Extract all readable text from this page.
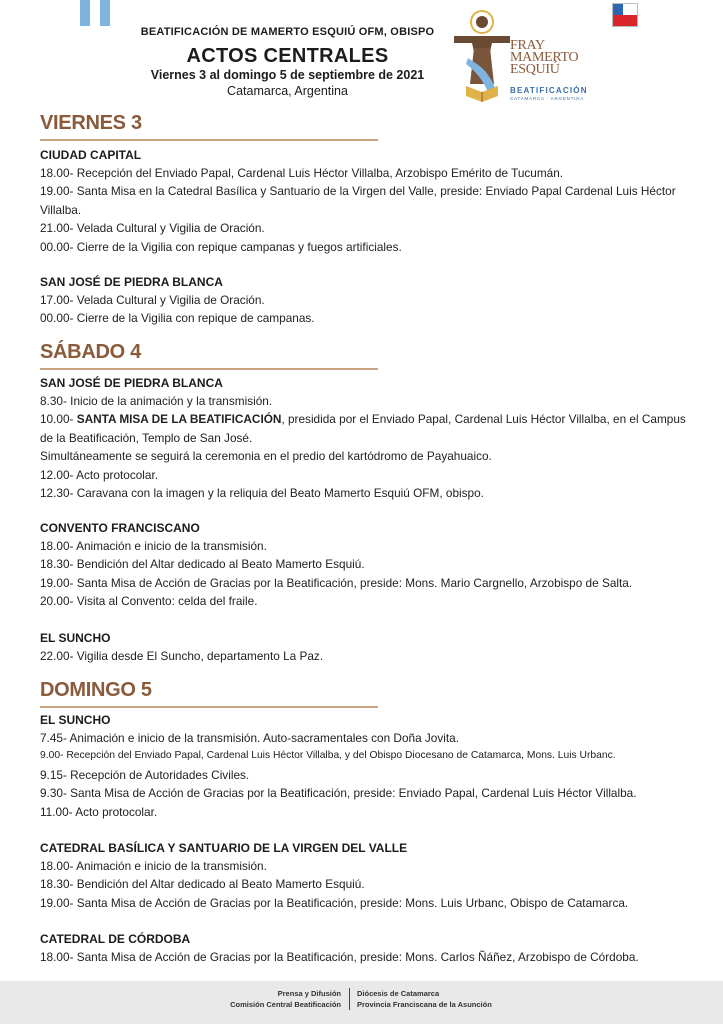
BEATIFICACIÓN DE MAMERTO ESQUIÚ OFM, OBISPO
ACTOS CENTRALES
Viernes 3 al domingo 5 de septiembre de 2021
Catamarca, Argentina
FRAY
MAMERTO
ESQUIÚ
BEATIFICACIÓN
CATAMARCA - ARGENTINA
VIERNES 3
CIUDAD CAPITAL
18.00- Recepción del Enviado Papal, Cardenal Luis Héctor Villalba, Arzobispo Emérito de Tucumán.
19.00- Santa Misa en la Catedral Basílica y Santuario de la Virgen del Valle, preside: Enviado Papal Cardenal Luis Héctor Villalba.
21.00- Velada Cultural y Vigilia de Oración.
00.00- Cierre de la Vigilia con repique campanas y fuegos artificiales.
SAN JOSÉ DE PIEDRA BLANCA
17.00- Velada Cultural y Vigilia de Oración.
00.00- Cierre de la Vigilia con repique de campanas.
SÁBADO 4
SAN JOSÉ DE PIEDRA BLANCA
8.30- Inicio de la animación y la transmisión.
10.00- SANTA MISA DE LA BEATIFICACIÓN, presidida por el Enviado Papal, Cardenal Luis Héctor Villalba, en el Campus de la Beatificación, Templo de San José.
Simultáneamente se seguirá la ceremonia en el predio del kartódromo de Payahuaico.
12.00- Acto protocolar.
12.30- Caravana con la imagen y la reliquia del Beato Mamerto Esquiú OFM, obispo.
CONVENTO FRANCISCANO
18.00- Animación e inicio de la transmisión.
18.30- Bendición del Altar dedicado al Beato Mamerto Esquiú.
19.00- Santa Misa de Acción de Gracias por la Beatificación, preside: Mons. Mario Cargnello, Arzobispo de Salta.
20.00- Visita al Convento: celda del fraile.
EL SUNCHO
22.00- Vigilia desde El Suncho, departamento La Paz.
DOMINGO 5
EL SUNCHO
7.45- Animación e inicio de la transmisión. Auto-sacramentales con Doña Jovita.
9.00- Recepción del Enviado Papal, Cardenal Luis Héctor Villalba, y del Obispo Diocesano de Catamarca, Mons. Luis Urbanc.
9.15- Recepción de Autoridades Civiles.
9.30- Santa Misa de Acción de Gracias por la Beatificación, preside: Enviado Papal, Cardenal Luis Héctor Villalba.
11.00- Acto protocolar.
CATEDRAL BASÍLICA Y SANTUARIO DE LA VIRGEN DEL VALLE
18.00- Animación e inicio de la transmisión.
18.30- Bendición del Altar dedicado al Beato Mamerto Esquiú.
19.00- Santa Misa de Acción de Gracias por la Beatificación, preside: Mons. Luis Urbanc, Obispo de Catamarca.
CATEDRAL DE CÓRDOBA
18.00- Santa Misa de Acción de Gracias por la Beatificación, preside: Mons. Carlos Ñáñez, Arzobispo de Córdoba.
Prensa y Difusión
Comisión Central Beatificación
Diócesis de Catamarca
Provincia Franciscana de la Asunción
